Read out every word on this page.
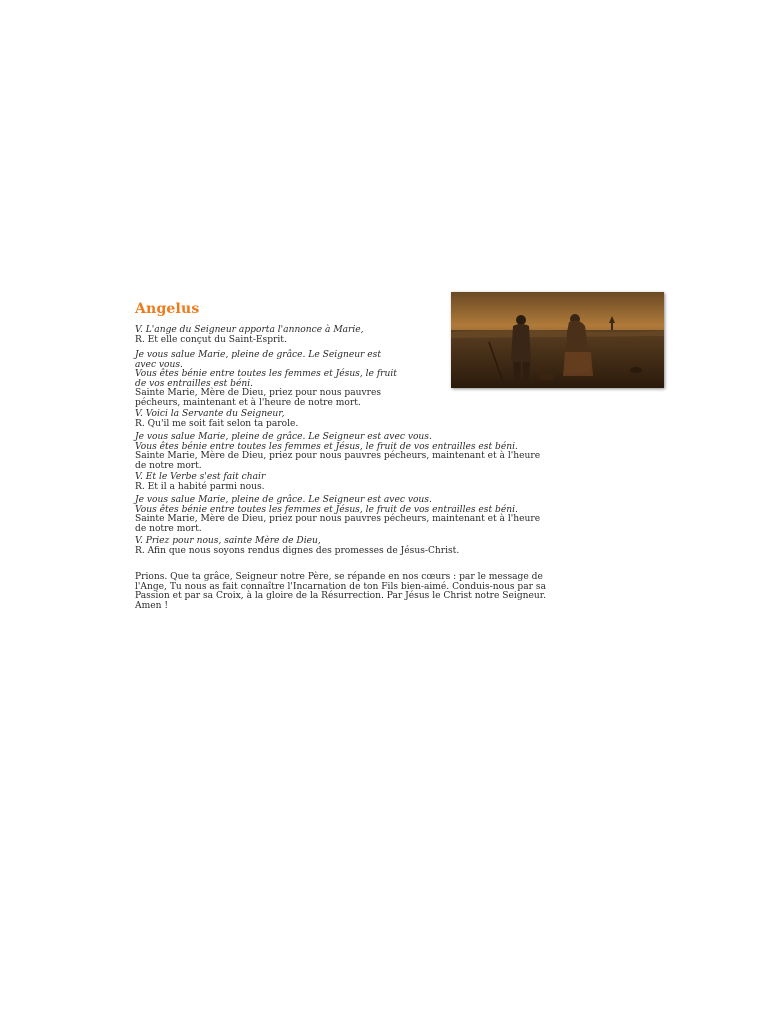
Angelus
V. L'ange du Seigneur apporta l'annonce à Marie,
R. Et elle conçut du Saint-Esprit.
Je vous salue Marie, pleine de grâce. Le Seigneur est
avec vous.
Vous êtes bénie entre toutes les femmes et Jésus, le fruit
de vos entrailles est béni.
Sainte Marie, Mère de Dieu, priez pour nous pauvres
pécheurs, maintenant et à l'heure de notre mort.
V. Voici la Servante du Seigneur,
R. Qu'il me soit fait selon ta parole.
Je vous salue Marie, pleine de grâce. Le Seigneur est avec vous.
Vous êtes bénie entre toutes les femmes et Jésus, le fruit de vos entrailles est béni.
Sainte Marie, Mère de Dieu, priez pour nous pauvres pécheurs, maintenant et à l'heure
de notre mort.
V. Et le Verbe s'est fait chair
R. Et il a habité parmi nous.
Je vous salue Marie, pleine de grâce. Le Seigneur est avec vous.
Vous êtes bénie entre toutes les femmes et Jésus, le fruit de vos entrailles est béni.
Sainte Marie, Mère de Dieu, priez pour nous pauvres pécheurs, maintenant et à l'heure
de notre mort.
V. Priez pour nous, sainte Mère de Dieu,
R. Afin que nous soyons rendus dignes des promesses de Jésus-Christ.
Prions. Que ta grâce, Seigneur notre Père, se répande en nos cœurs : par le message de
l'Ange, Tu nous as fait connaître l'Incarnation de ton Fils bien-aimé. Conduis-nous par sa
Passion et par sa Croix, à la gloire de la Résurrection. Par Jésus le Christ notre Seigneur.
Amen !
